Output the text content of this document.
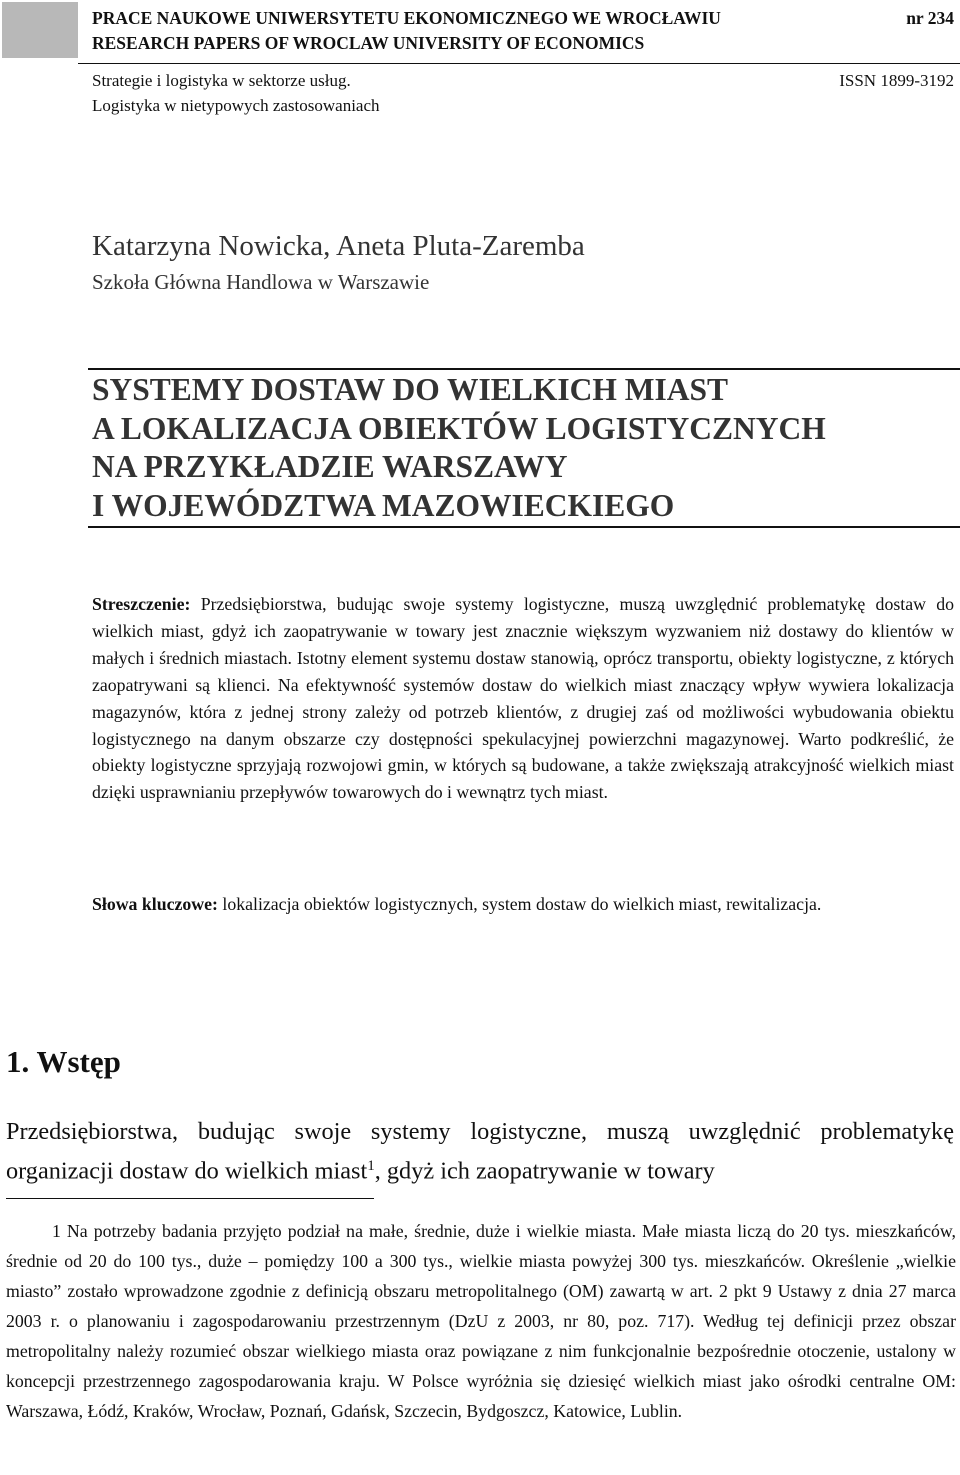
PRACE NAUKOWE UNIWERSYTETU EKONOMICZNEGO WE WROCŁAWIU	nr 234
RESEARCH PAPERS OF WROCLAW UNIVERSITY OF ECONOMICS
Strategie i logistyka w sektorze usług.	ISSN 1899-3192
Logistyka w nietypowych zastosowaniach
Katarzyna Nowicka, Aneta Pluta-Zaremba
Szkoła Główna Handlowa w Warszawie
SYSTEMY DOSTAW DO WIELKICH MIAST
A LOKALIZACJA OBIEKTÓW LOGISTYCZNYCH
NA PRZYKŁADZIE WARSZAWY
I WOJEWÓDZTWA MAZOWIECKIEGO
Streszczenie: Przedsiębiorstwa, budując swoje systemy logistyczne, muszą uwzględnić problematykę dostaw do wielkich miast, gdyż ich zaopatrywanie w towary jest znacznie większym wyzwaniem niż dostawy do klientów w małych i średnich miastach. Istotny element systemu dostaw stanowią, oprócz transportu, obiekty logistyczne, z których zaopatrywani są klienci. Na efektywność systemów dostaw do wielkich miast znaczący wpływ wywiera lokalizacja magazynów, która z jednej strony zależy od potrzeb klientów, z drugiej zaś od możliwości wybudowania obiektu logistycznego na danym obszarze czy dostępności spekulacyjnej powierzchni magazynowej. Warto podkreślić, że obiekty logistyczne sprzyjają rozwojowi gmin, w których są budowane, a także zwiększają atrakcyjność wielkich miast dzięki usprawnianiu przepływów towarowych do i wewnątrz tych miast.
Słowa kluczowe: lokalizacja obiektów logistycznych, system dostaw do wielkich miast, rewitalizacja.
1. Wstęp
Przedsiębiorstwa, budując swoje systemy logistyczne, muszą uwzględnić problematykę organizacji dostaw do wielkich miast$^1$, gdyż ich zaopatrywanie w towary
1 Na potrzeby badania przyjęto podział na małe, średnie, duże i wielkie miasta. Małe miasta liczą do 20 tys. mieszkańców, średnie od 20 do 100 tys., duże – pomiędzy 100 a 300 tys., wielkie miasta powyżej 300 tys. mieszkańców. Określenie „wielkie miasto” zostało wprowadzone zgodnie z definicją obszaru metropolitalnego (OM) zawartą w art. 2 pkt 9 Ustawy z dnia 27 marca 2003 r. o planowaniu i zagospodarowaniu przestrzennym (DzU z 2003, nr 80, poz. 717). Według tej definicji przez obszar metropolitalny należy rozumieć obszar wielkiego miasta oraz powiązane z nim funkcjonalnie bezpośrednie otoczenie, ustalony w koncepcji przestrzennego zagospodarowania kraju. W Polsce wyróżnia się dziesięć wielkich miast jako ośrodki centralne OM: Warszawa, Łódź, Kraków, Wrocław, Poznań, Gdańsk, Szczecin, Bydgoszcz, Katowice, Lublin.
